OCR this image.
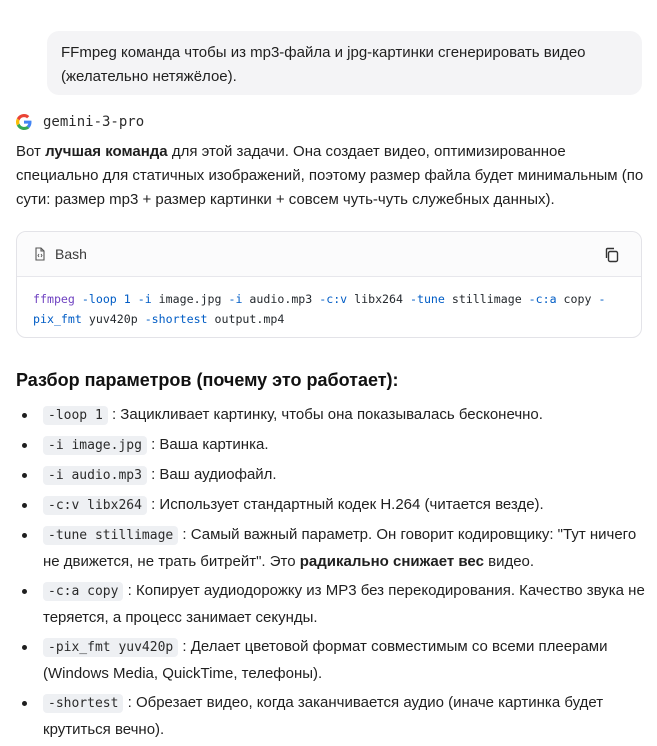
FFmpeg команда чтобы из mp3-файла и jpg-картинки сгенерировать видео (желательно нетяжёлое).
gemini-3-pro
Вот лучшая команда для этой задачи. Она создает видео, оптимизированное специально для статичных изображений, поэтому размер файла будет минимальным (по сути: размер mp3 + размер картинки + совсем чуть-чуть служебных данных).
Bash
ffmpeg -loop 1 -i image.jpg -i audio.mp3 -c:v libx264 -tune stillimage -c:a copy -pix_fmt yuv420p -shortest output.mp4
Разбор параметров (почему это работает):
-loop 1 : Зацикливает картинку, чтобы она показывалась бесконечно.
-i image.jpg : Ваша картинка.
-i audio.mp3 : Ваш аудиофайл.
-c:v libx264 : Использует стандартный кодек H.264 (читается везде).
-tune stillimage : Самый важный параметр. Он говорит кодировщику: "Тут ничего не движется, не трать битрейт". Это радикально снижает вес видео.
-c:a copy : Копирует аудиодорожку из MP3 без перекодирования. Качество звука не теряется, а процесс занимает секунды.
-pix_fmt yuv420p : Делает цветовой формат совместимым со всеми плеерами (Windows Media, QuickTime, телефоны).
-shortest : Обрезает видео, когда заканчивается аудио (иначе картинка будет крутиться вечно).
